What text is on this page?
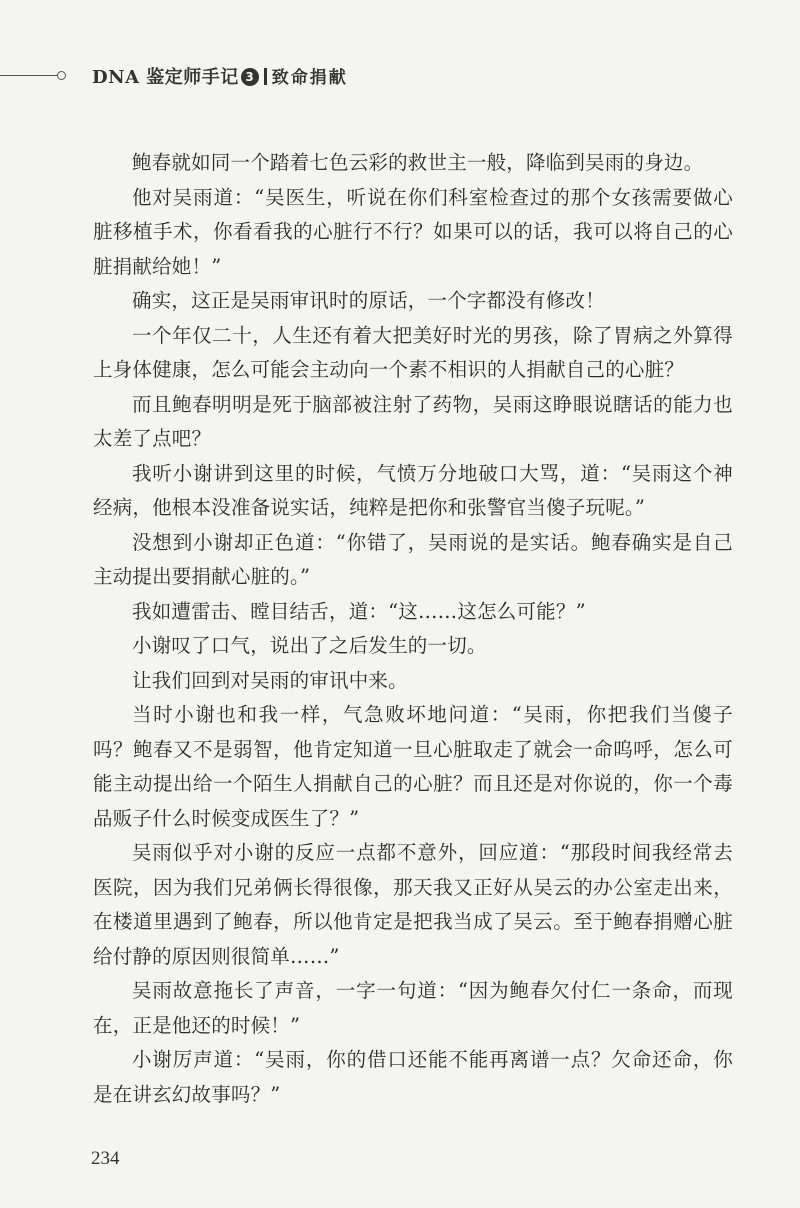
DNA 鉴定师手记 3 致命捐献

鲍春就如同一个踏着七色云彩的救世主一般，降临到吴雨的身边。

他对吴雨道：“吴医生，听说在你们科室检查过的那个女孩需要做心脏移植手术，你看看我的心脏行不行？如果可以的话，我可以将自己的心脏捐献给她！”

确实，这正是吴雨审讯时的原话，一个字都没有修改！

一个年仅二十，人生还有着大把美好时光的男孩，除了胃病之外算得上身体健康，怎么可能会主动向一个素不相识的人捐献自己的心脏？

而且鲍春明明是死于脑部被注射了药物，吴雨这睁眼说瞎话的能力也太差了点吧？

我听小谢讲到这里的时候，气愤万分地破口大骂，道：“吴雨这个神经病，他根本没准备说实话，纯粹是把你和张警官当傻子玩呢。”

没想到小谢却正色道：“你错了，吴雨说的是实话。鲍春确实是自己主动提出要捐献心脏的。”

我如遭雷击、瞠目结舌，道：“这……这怎么可能？”

小谢叹了口气，说出了之后发生的一切。

让我们回到对吴雨的审讯中来。

当时小谢也和我一样，气急败坏地问道：“吴雨，你把我们当傻子吗？鲍春又不是弱智，他肯定知道一旦心脏取走了就会一命呜呼，怎么可能主动提出给一个陌生人捐献自己的心脏？而且还是对你说的，你一个毒品贩子什么时候变成医生了？”

吴雨似乎对小谢的反应一点都不意外，回应道：“那段时间我经常去医院，因为我们兄弟俩长得很像，那天我又正好从吴云的办公室走出来，在楼道里遇到了鲍春，所以他肯定是把我当成了吴云。至于鲍春捐赠心脏给付静的原因则很简单……”

吴雨故意拖长了声音，一字一句道：“因为鲍春欠付仁一条命，而现在，正是他还的时候！”

小谢厉声道：“吴雨，你的借口还能不能再离谱一点？欠命还命，你是在讲玄幻故事吗？”

234
